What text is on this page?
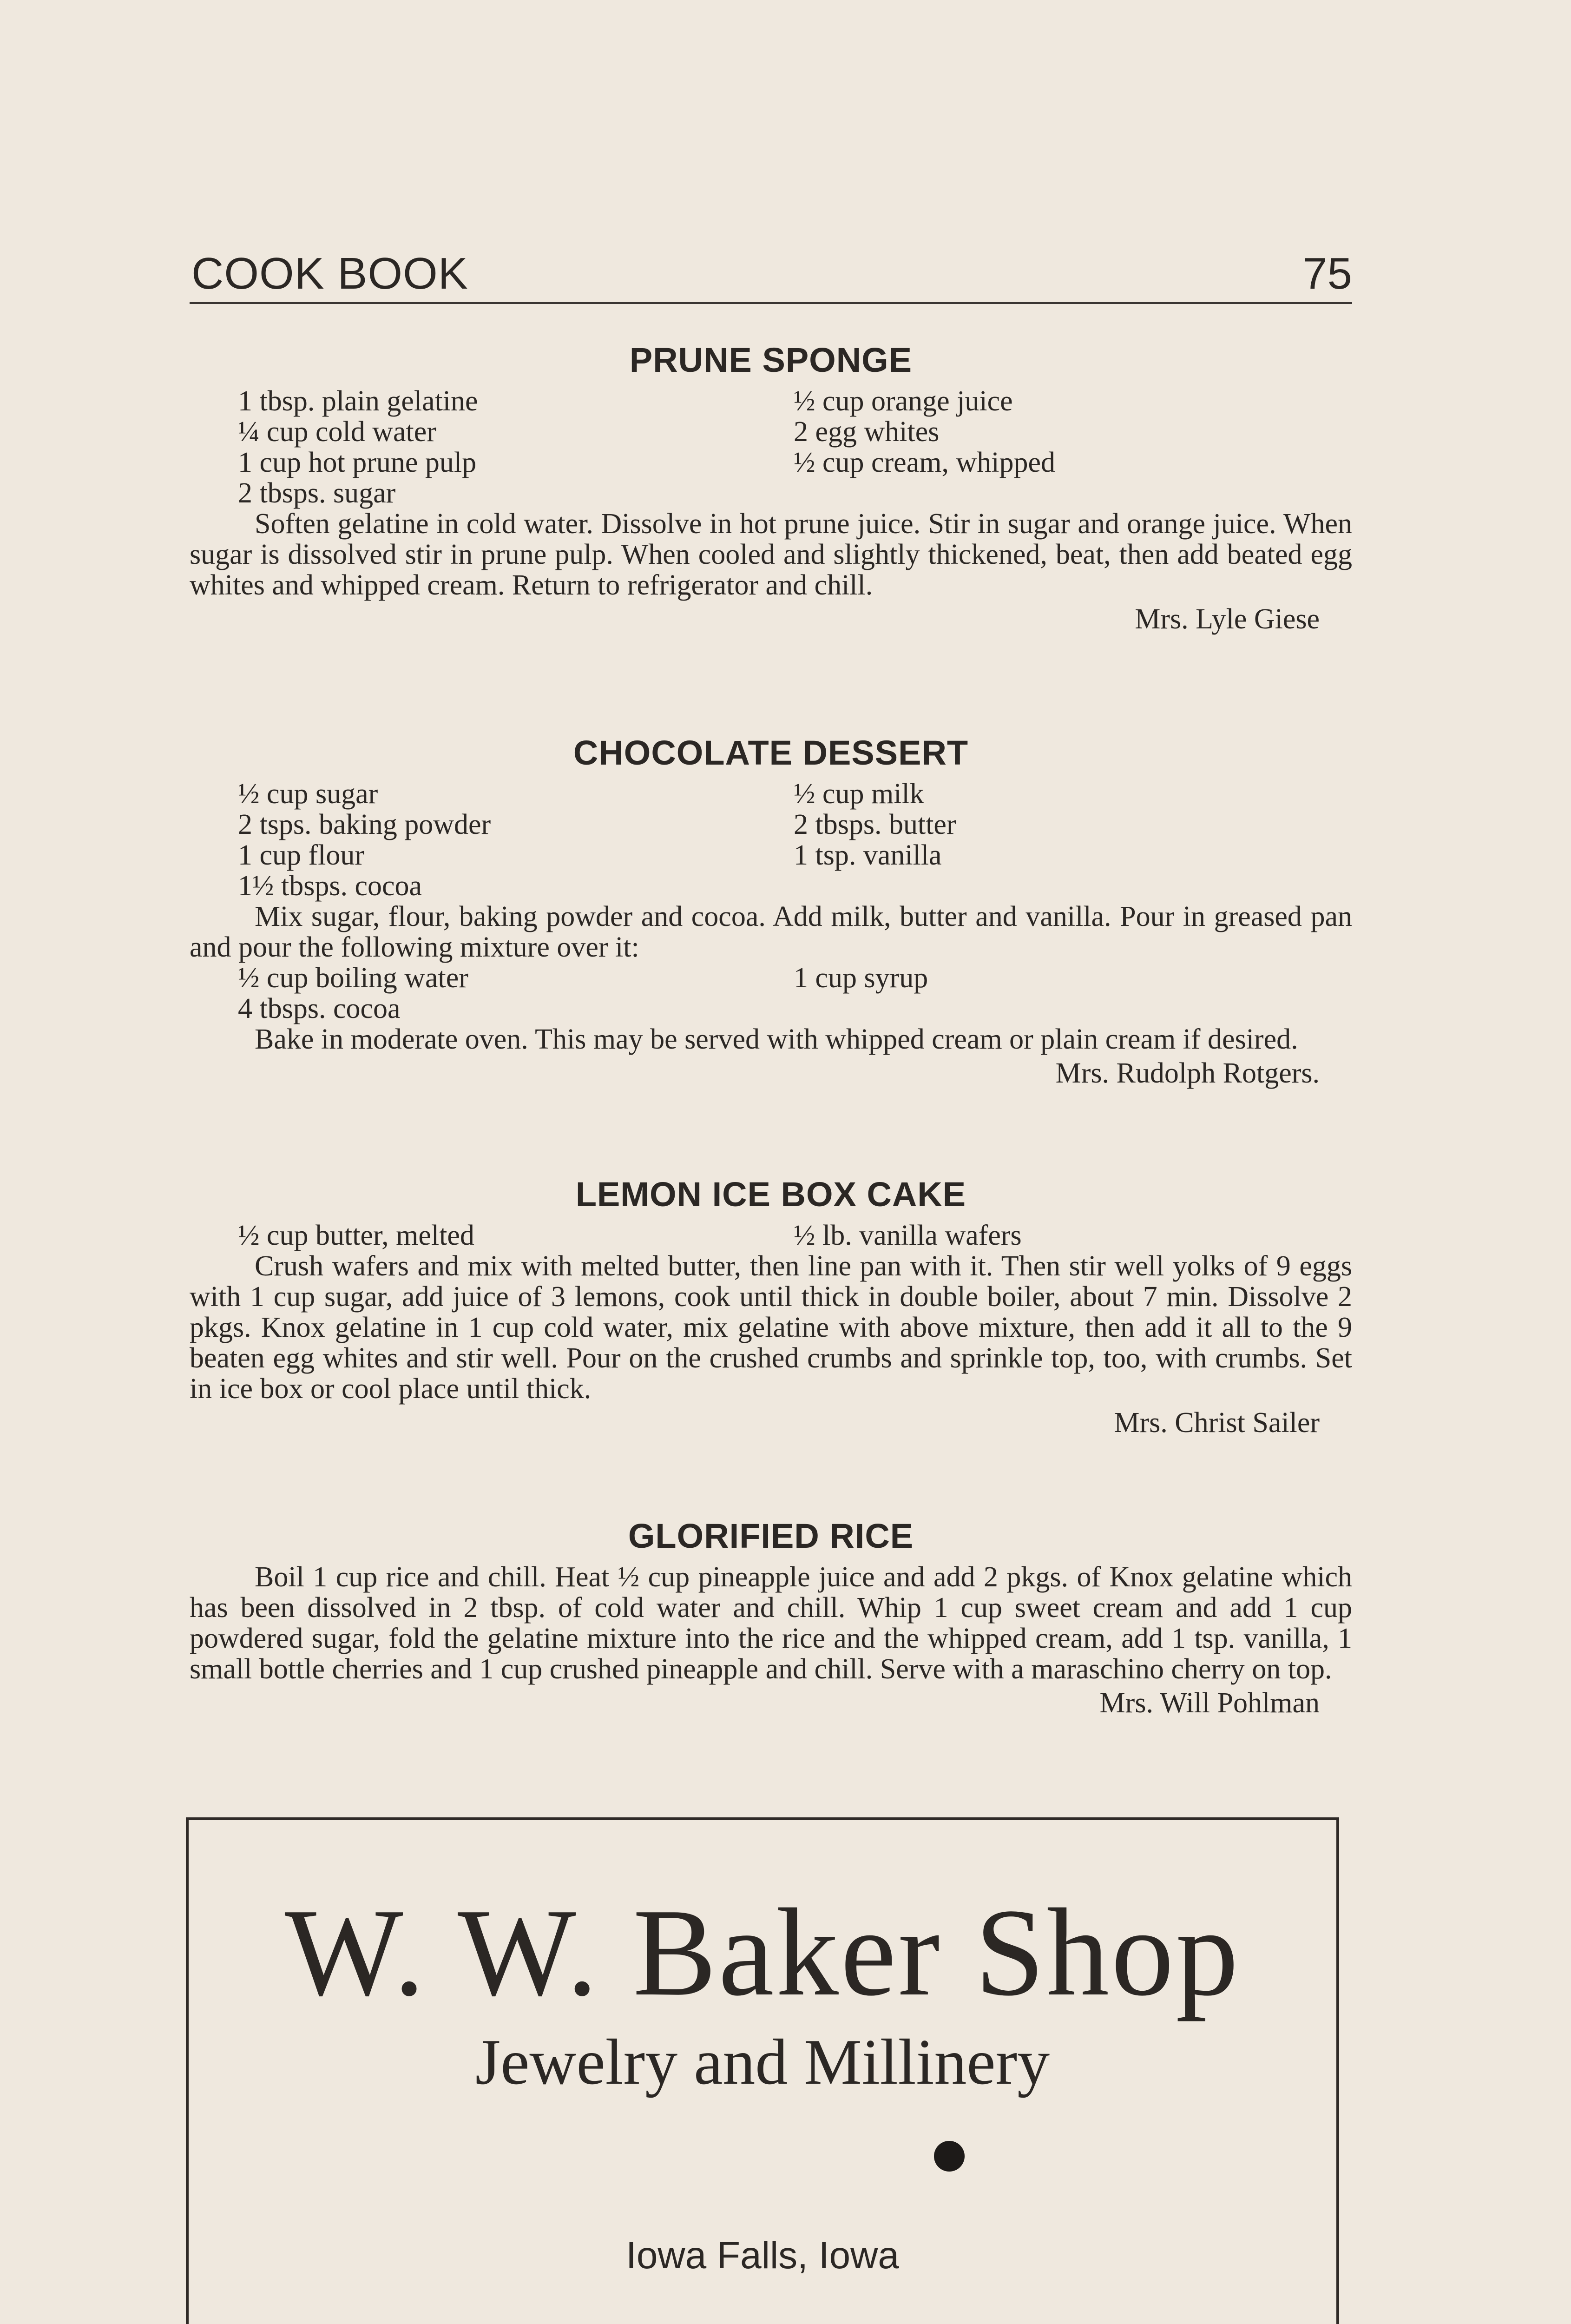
COOK BOOK	75
PRUNE SPONGE
1 tbsp. plain gelatine	½ cup orange juice
¼ cup cold water	2 egg whites
1 cup hot prune pulp	½ cup cream, whipped
2 tbsps. sugar
Soften gelatine in cold water. Dissolve in hot prune juice. Stir in sugar and orange juice. When sugar is dissolved stir in prune pulp. When cooled and slightly thickened, beat, then add beated egg whites and whipped cream. Return to refrigerator and chill.
Mrs. Lyle Giese
CHOCOLATE DESSERT
½ cup sugar	½ cup milk
2 tsps. baking powder	2 tbsps. butter
1 cup flour	1 tsp. vanilla
1½ tbsps. cocoa
Mix sugar, flour, baking powder and cocoa. Add milk, butter and vanilla. Pour in greased pan and pour the following mixture over it:
½ cup boiling water	1 cup syrup
4 tbsps. cocoa
Bake in moderate oven. This may be served with whipped cream or plain cream if desired.
Mrs. Rudolph Rotgers.
LEMON ICE BOX CAKE
½ cup butter, melted	½ lb. vanilla wafers
Crush wafers and mix with melted butter, then line pan with it. Then stir well yolks of 9 eggs with 1 cup sugar, add juice of 3 lemons, cook until thick in double boiler, about 7 min. Dissolve 2 pkgs. Knox gelatine in 1 cup cold water, mix gelatine with above mixture, then add it all to the 9 beaten egg whites and stir well. Pour on the crushed crumbs and sprinkle top, too, with crumbs. Set in ice box or cool place until thick.
Mrs. Christ Sailer
GLORIFIED RICE
Boil 1 cup rice and chill. Heat ½ cup pineapple juice and add 2 pkgs. of Knox gelatine which has been dissolved in 2 tbsp. of cold water and chill. Whip 1 cup sweet cream and add 1 cup powdered sugar, fold the gelatine mixture into the rice and the whipped cream, add 1 tsp. vanilla, 1 small bottle cherries and 1 cup crushed pineapple and chill. Serve with a maraschino cherry on top.
Mrs. Will Pohlman
W. W. Baker Shop
Jewelry and Millinery
Iowa Falls, Iowa
